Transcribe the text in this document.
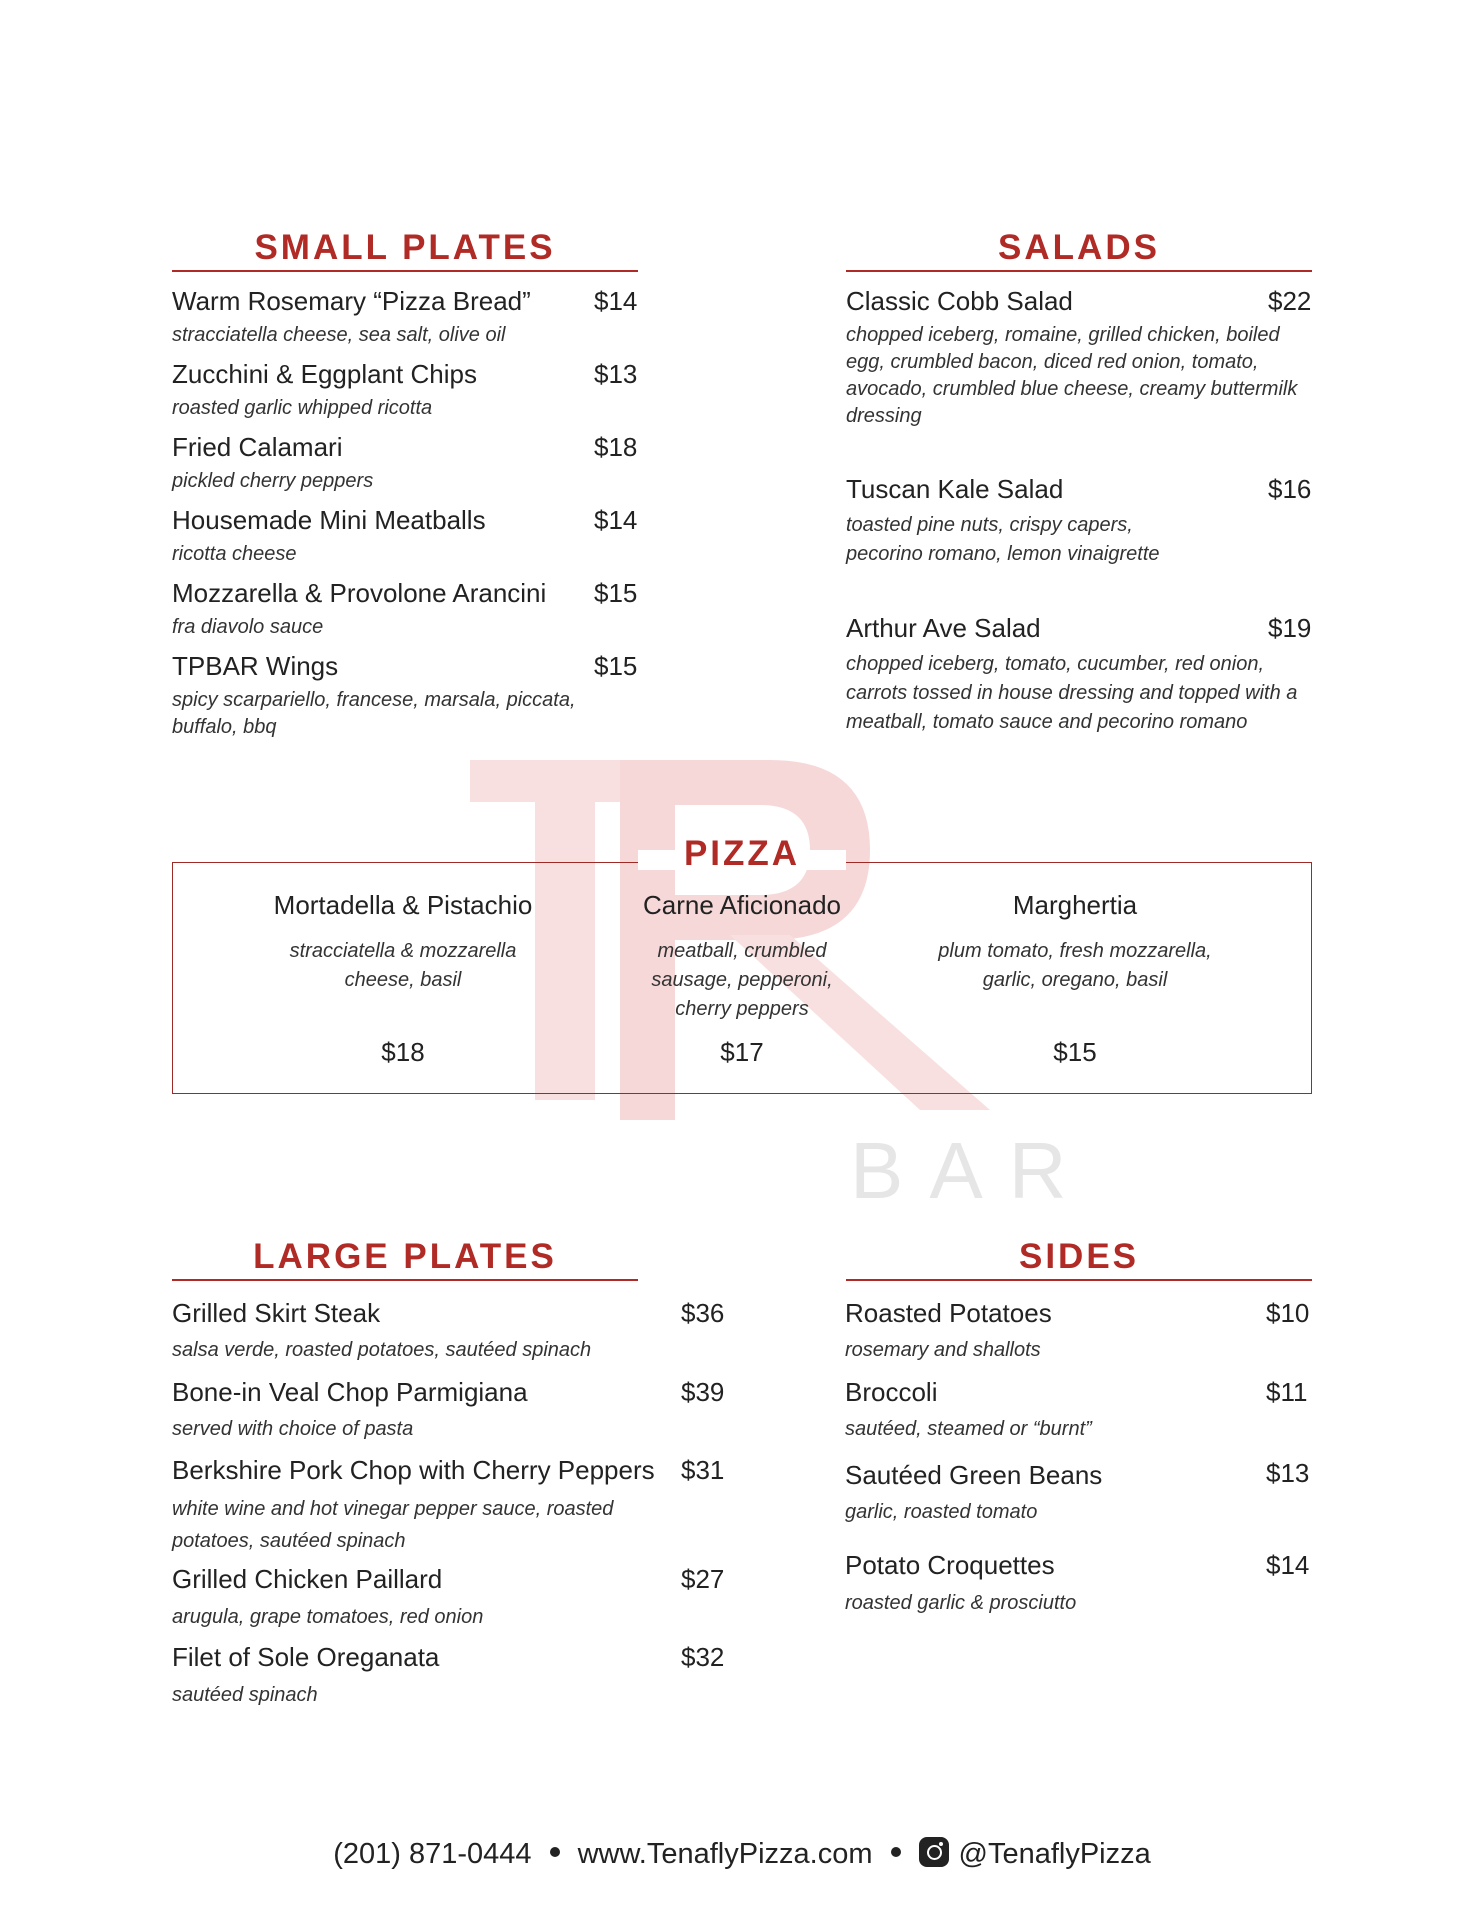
BAR
SMALL PLATES
Warm Rosemary “Pizza Bread” $14
stracciatella cheese, sea salt, olive oil
Zucchini & Eggplant Chips	$13
roasted garlic whipped ricotta
Fried Calamari	$18
pickled cherry peppers
Housemade Mini Meatballs	$14
ricotta cheese
Mozzarella & Provolone Arancini $15
fra diavolo sauce
TPBAR Wings	$15
spicy scarpariello, francese, marsala, piccata, buffalo, bbq
SALADS
Classic Cobb Salad	$22
chopped iceberg, romaine, grilled chicken, boiled egg, crumbled bacon, diced red onion, tomato, avocado, crumbled blue cheese, creamy buttermilk dressing
Tuscan Kale Salad	$16
toasted pine nuts, crispy capers, pecorino romano, lemon vinaigrette
Arthur Ave Salad	$19
chopped iceberg, tomato, cucumber, red onion, carrots tossed in house dressing and topped with a meatball, tomato sauce and pecorino romano
PIZZA
Mortadella & Pistachio
stracciatella & mozzarella cheese, basil
$18
Carne Aficionado
meatball, crumbled sausage, pepperoni, cherry peppers
$17
Marghertia
plum tomato, fresh mozzarella, garlic, oregano, basil
$15
LARGE PLATES
Grilled Skirt Steak	$36
salsa verde, roasted potatoes, sautéed spinach
Bone-in Veal Chop Parmigiana	$39
served with choice of pasta
Berkshire Pork Chop with Cherry Peppers $31
white wine and hot vinegar pepper sauce, roasted potatoes, sautéed spinach
Grilled Chicken Paillard	$27
arugula, grape tomatoes, red onion
Filet of Sole Oreganata	$32
sautéed spinach
SIDES
Roasted Potatoes	$10
rosemary and shallots
Broccoli	$11
sautéed, steamed or “burnt”
Sautéed Green Beans	$13
garlic, roasted tomato
Potato Croquettes	$14
roasted garlic & prosciutto
(201) 871-0444 www.TenaflyPizza.com	@TenaflyPizza
